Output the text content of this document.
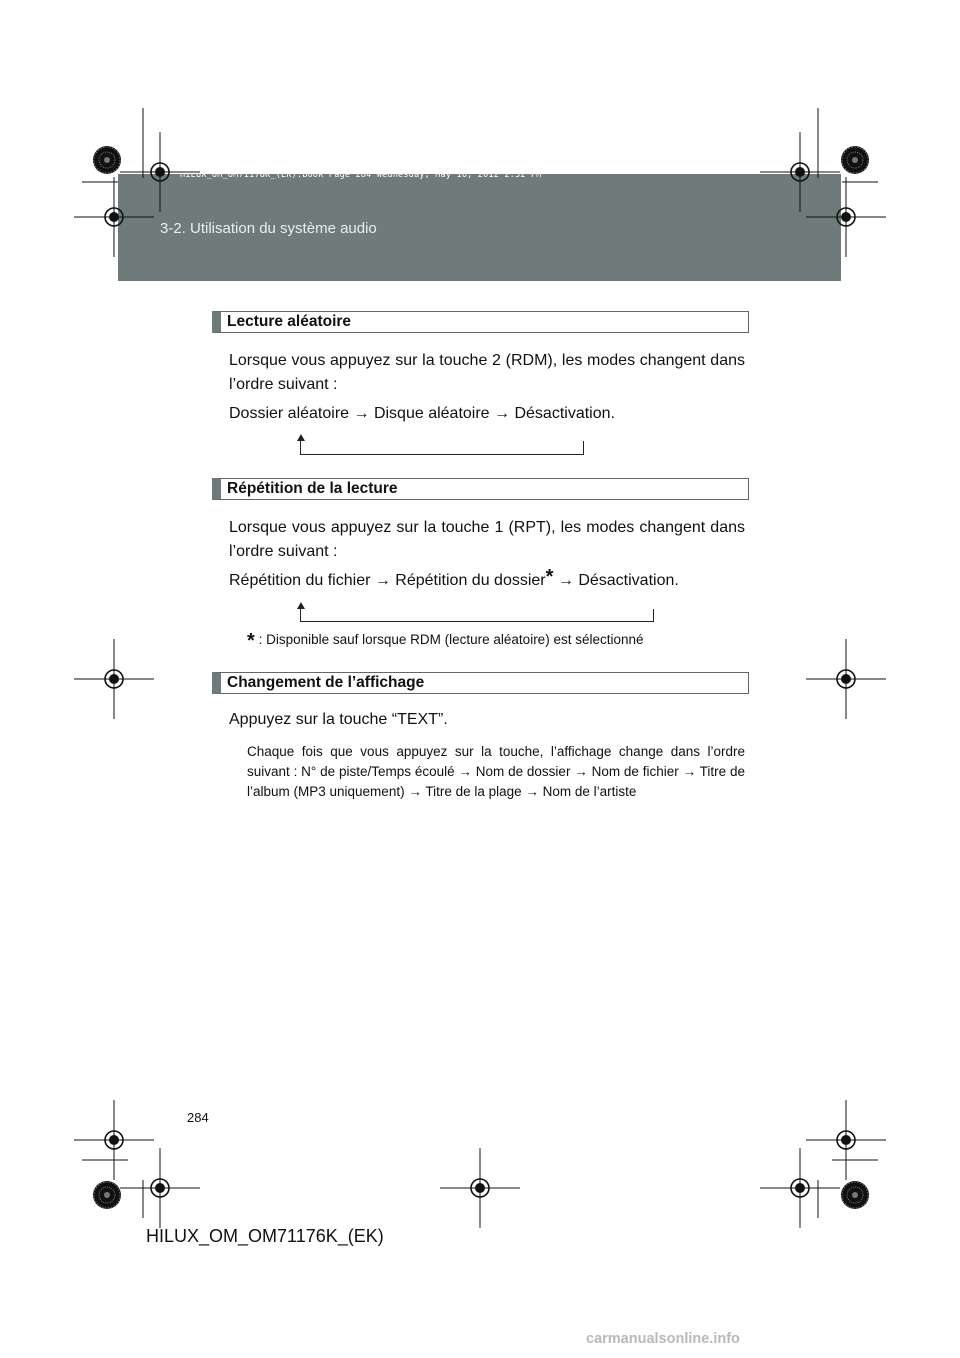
HILUX_OM_OM71176K_(EK).book Page 284 Wednesday, May 16, 2012 2:32 PM
3-2. Utilisation du système audio
Lecture aléatoire
Lorsque vous appuyez sur la touche 2 (RDM), les modes changent dans l’ordre suivant :
Dossier aléatoire → Disque aléatoire → Désactivation.
Répétition de la lecture
Lorsque vous appuyez sur la touche 1 (RPT), les modes changent dans l’ordre suivant :
Répétition du fichier → Répétition du dossier* → Désactivation.
* : Disponible sauf lorsque RDM (lecture aléatoire) est sélectionné
Changement de l’affichage
Appuyez sur la touche “TEXT”.
Chaque fois que vous appuyez sur la touche, l’affichage change dans l’ordre suivant : N° de piste/Temps écoulé → Nom de dossier → Nom de fichier → Titre de l’album (MP3 uniquement) → Titre de la plage → Nom de l’artiste
284
HILUX_OM_OM71176K_(EK)
carmanualsonline.info
